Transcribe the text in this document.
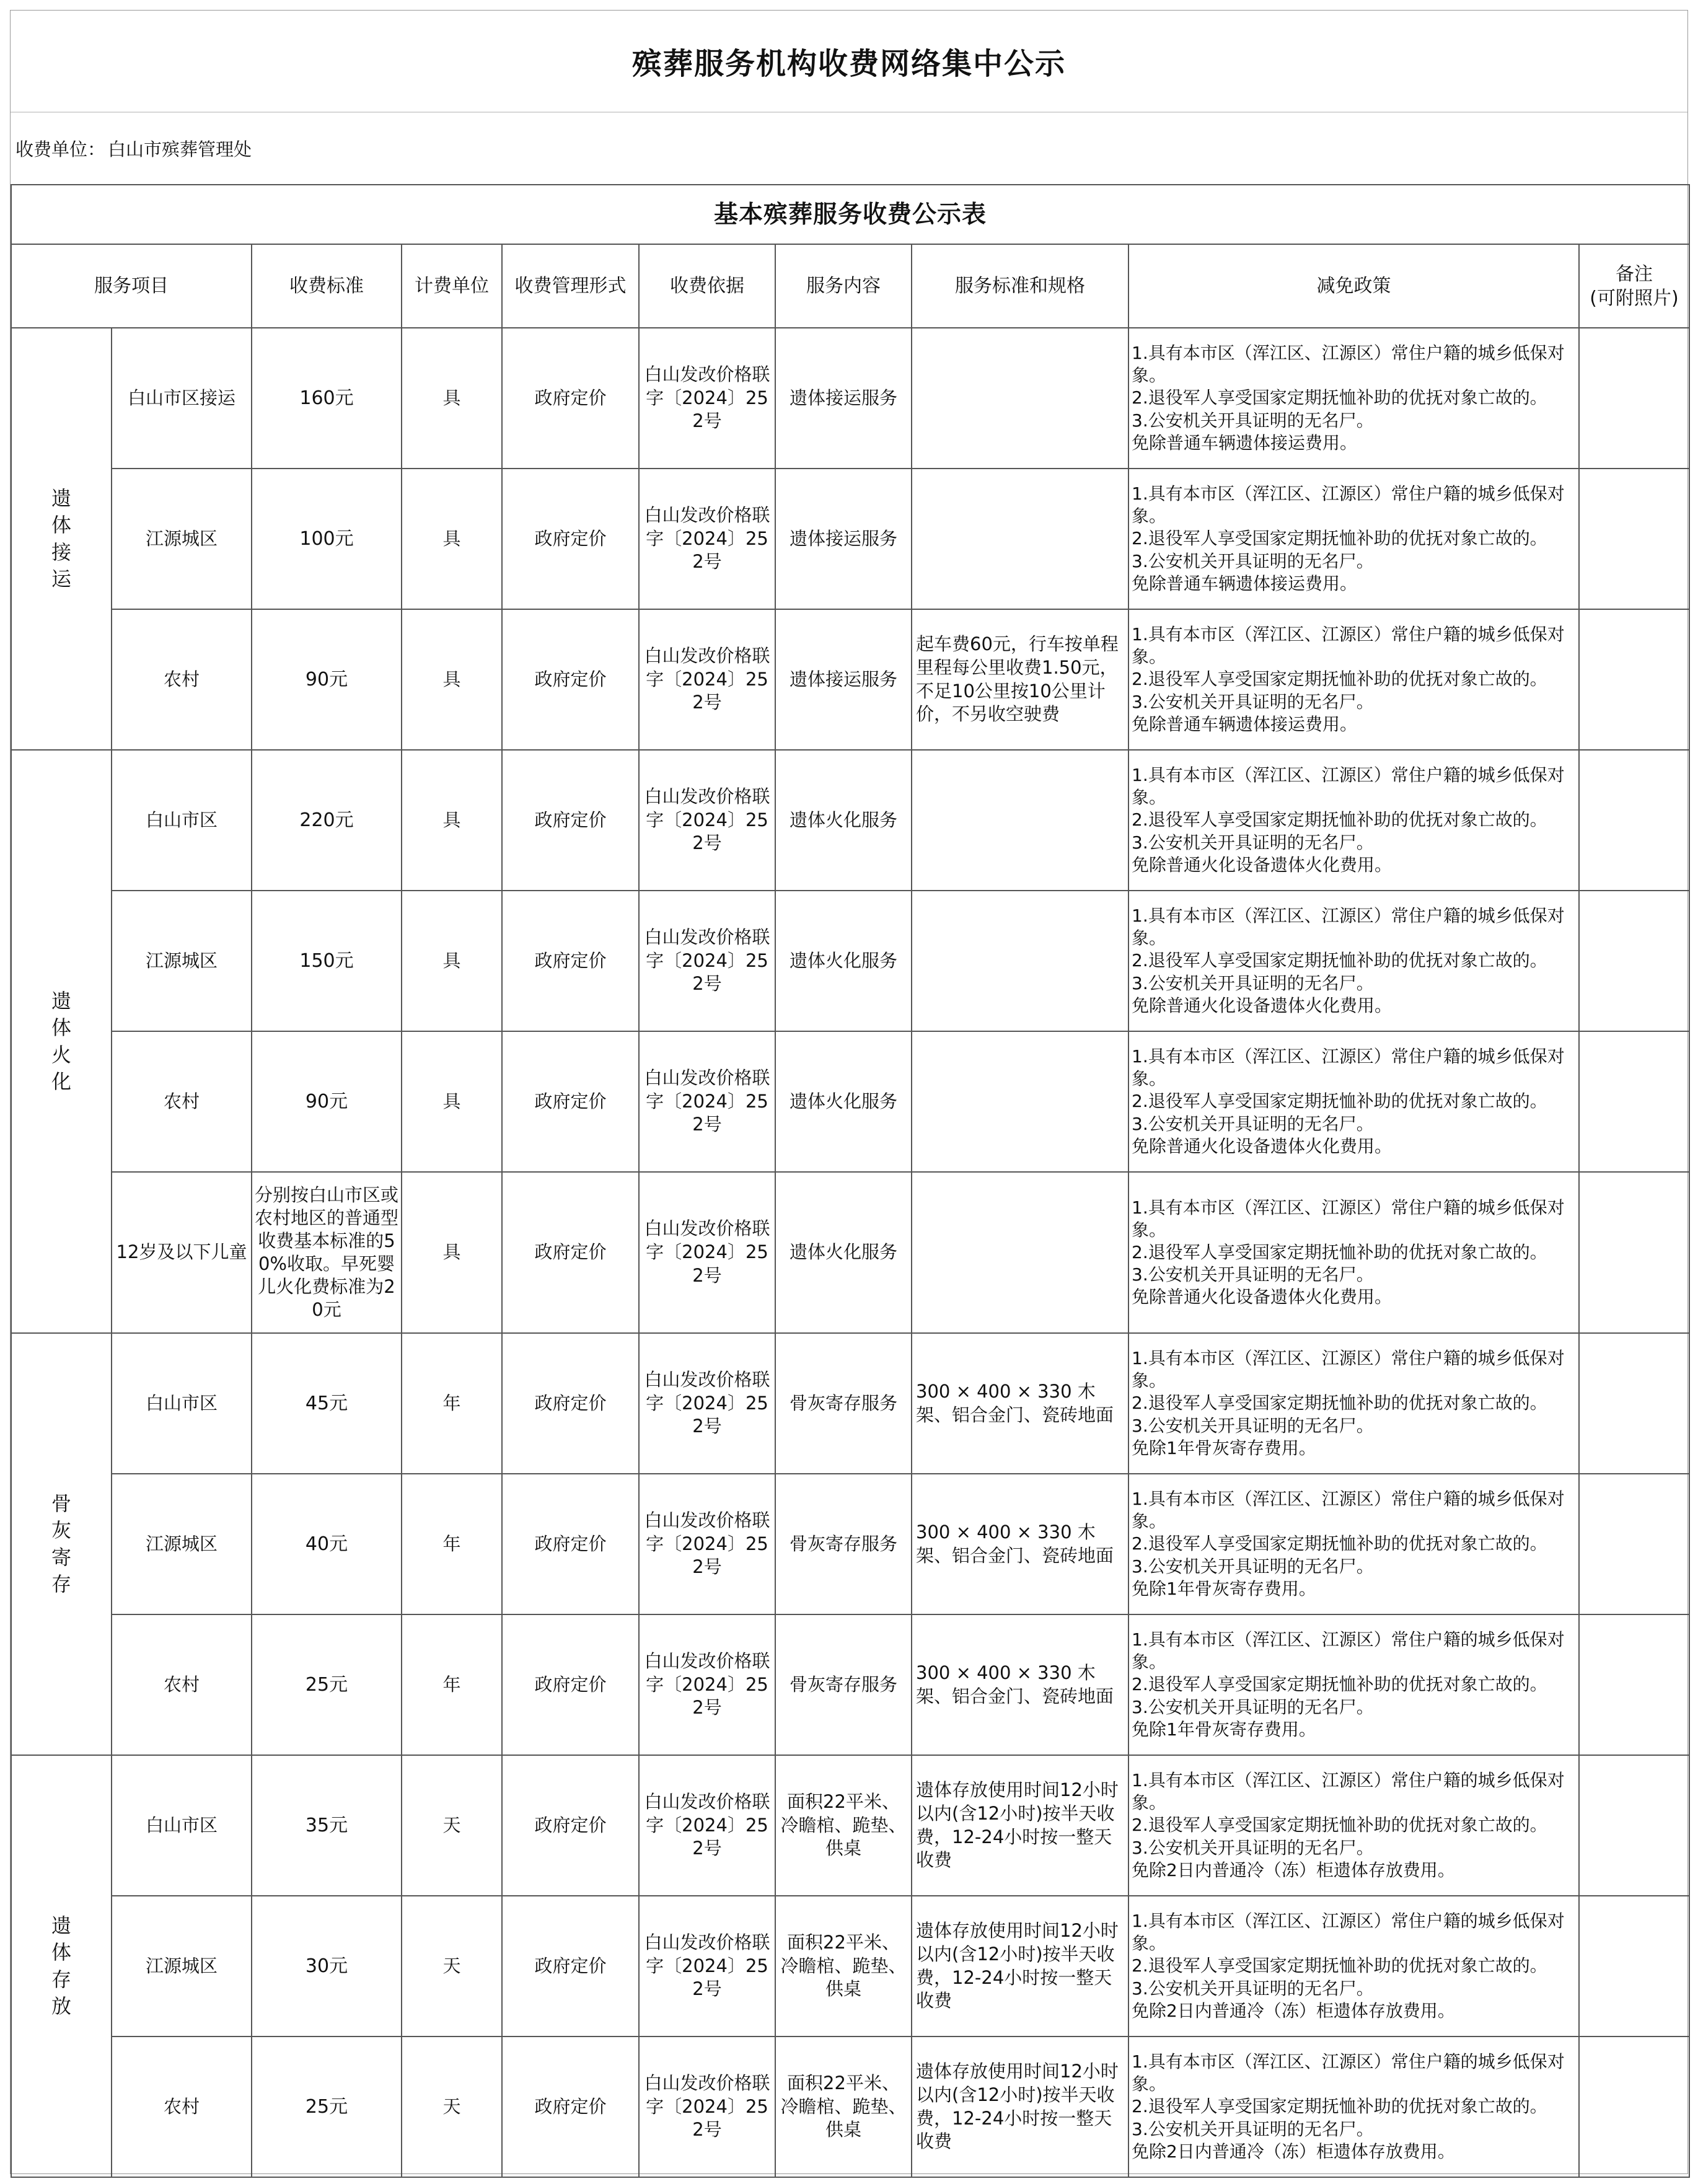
殡葬服务机构收费网络集中公示
收费单位： 白山市殡葬管理处
基本殡葬服务收费公示表									
服务项目		收费标准	计费单位	收费管理形式	收费依据	服务内容	服务标准和规格	减免政策	备注
(可附照片)

遗体接运	白山市区接运	160元	具	政府定价	白山发改价格联字〔2024〕252号	遗体接运服务		1.具有本市区（浑江区、江源区）常住户籍的城乡低保对象。
2.退役军人享受国家定期抚恤补助的优抚对象亡故的。
3.公安机关开具证明的无名尸。
免除普通车辆遗体接运费用。	

	江源城区	100元	具	政府定价	白山发改价格联字〔2024〕252号	遗体接运服务		1.具有本市区（浑江区、江源区）常住户籍的城乡低保对象。
2.退役军人享受国家定期抚恤补助的优抚对象亡故的。
3.公安机关开具证明的无名尸。
免除普通车辆遗体接运费用。	

	农村	90元	具	政府定价	白山发改价格联字〔2024〕252号	遗体接运服务	起车费60元，行车按单程里程每公里收费1.50元，不足10公里按10公里计价，不另收空驶费	1.具有本市区（浑江区、江源区）常住户籍的城乡低保对象。
2.退役军人享受国家定期抚恤补助的优抚对象亡故的。
3.公安机关开具证明的无名尸。
免除普通车辆遗体接运费用。	

遗体火化	白山市区	220元	具	政府定价	白山发改价格联字〔2024〕252号	遗体火化服务		1.具有本市区（浑江区、江源区）常住户籍的城乡低保对象。
2.退役军人享受国家定期抚恤补助的优抚对象亡故的。
3.公安机关开具证明的无名尸。
免除普通火化设备遗体火化费用。	

	江源城区	150元	具	政府定价	白山发改价格联字〔2024〕252号	遗体火化服务		1.具有本市区（浑江区、江源区）常住户籍的城乡低保对象。
2.退役军人享受国家定期抚恤补助的优抚对象亡故的。
3.公安机关开具证明的无名尸。
免除普通火化设备遗体火化费用。	

	农村	90元	具	政府定价	白山发改价格联字〔2024〕252号	遗体火化服务		1.具有本市区（浑江区、江源区）常住户籍的城乡低保对象。
2.退役军人享受国家定期抚恤补助的优抚对象亡故的。
3.公安机关开具证明的无名尸。
免除普通火化设备遗体火化费用。	

	12岁及以下儿童	分别按白山市区或农村地区的普通型收费基本标准的50%收取。早死婴儿火化费标准为20元	具	政府定价	白山发改价格联字〔2024〕252号	遗体火化服务		1.具有本市区（浑江区、江源区）常住户籍的城乡低保对象。
2.退役军人享受国家定期抚恤补助的优抚对象亡故的。
3.公安机关开具证明的无名尸。
免除普通火化设备遗体火化费用。	

骨灰寄存	白山市区	45元	年	政府定价	白山发改价格联字〔2024〕252号	骨灰寄存服务	300 × 400 × 330 木架、铝合金门、瓷砖地面	1.具有本市区（浑江区、江源区）常住户籍的城乡低保对象。
2.退役军人享受国家定期抚恤补助的优抚对象亡故的。
3.公安机关开具证明的无名尸。
免除1年骨灰寄存费用。	

	江源城区	40元	年	政府定价	白山发改价格联字〔2024〕252号	骨灰寄存服务	300 × 400 × 330 木架、铝合金门、瓷砖地面	1.具有本市区（浑江区、江源区）常住户籍的城乡低保对象。
2.退役军人享受国家定期抚恤补助的优抚对象亡故的。
3.公安机关开具证明的无名尸。
免除1年骨灰寄存费用。	

	农村	25元	年	政府定价	白山发改价格联字〔2024〕252号	骨灰寄存服务	300 × 400 × 330 木架、铝合金门、瓷砖地面	1.具有本市区（浑江区、江源区）常住户籍的城乡低保对象。
2.退役军人享受国家定期抚恤补助的优抚对象亡故的。
3.公安机关开具证明的无名尸。
免除1年骨灰寄存费用。	

遗体存放	白山市区	35元	天	政府定价	白山发改价格联字〔2024〕252号	面积22平米、冷瞻棺、跪垫、供桌	遗体存放使用时间12小时以内(含12小时)按半天收费，12-24小时按一整天收费	1.具有本市区（浑江区、江源区）常住户籍的城乡低保对象。
2.退役军人享受国家定期抚恤补助的优抚对象亡故的。
3.公安机关开具证明的无名尸。
免除2日内普通冷（冻）柜遗体存放费用。	

	江源城区	30元	天	政府定价	白山发改价格联字〔2024〕252号	面积22平米、冷瞻棺、跪垫、供桌	遗体存放使用时间12小时以内(含12小时)按半天收费，12-24小时按一整天收费	1.具有本市区（浑江区、江源区）常住户籍的城乡低保对象。
2.退役军人享受国家定期抚恤补助的优抚对象亡故的。
3.公安机关开具证明的无名尸。
免除2日内普通冷（冻）柜遗体存放费用。	

	农村	25元	天	政府定价	白山发改价格联字〔2024〕252号	面积22平米、冷瞻棺、跪垫、供桌	遗体存放使用时间12小时以内(含12小时)按半天收费，12-24小时按一整天收费	1.具有本市区（浑江区、江源区）常住户籍的城乡低保对象。
2.退役军人享受国家定期抚恤补助的优抚对象亡故的。
3.公安机关开具证明的无名尸。
免除2日内普通冷（冻）柜遗体存放费用。	
